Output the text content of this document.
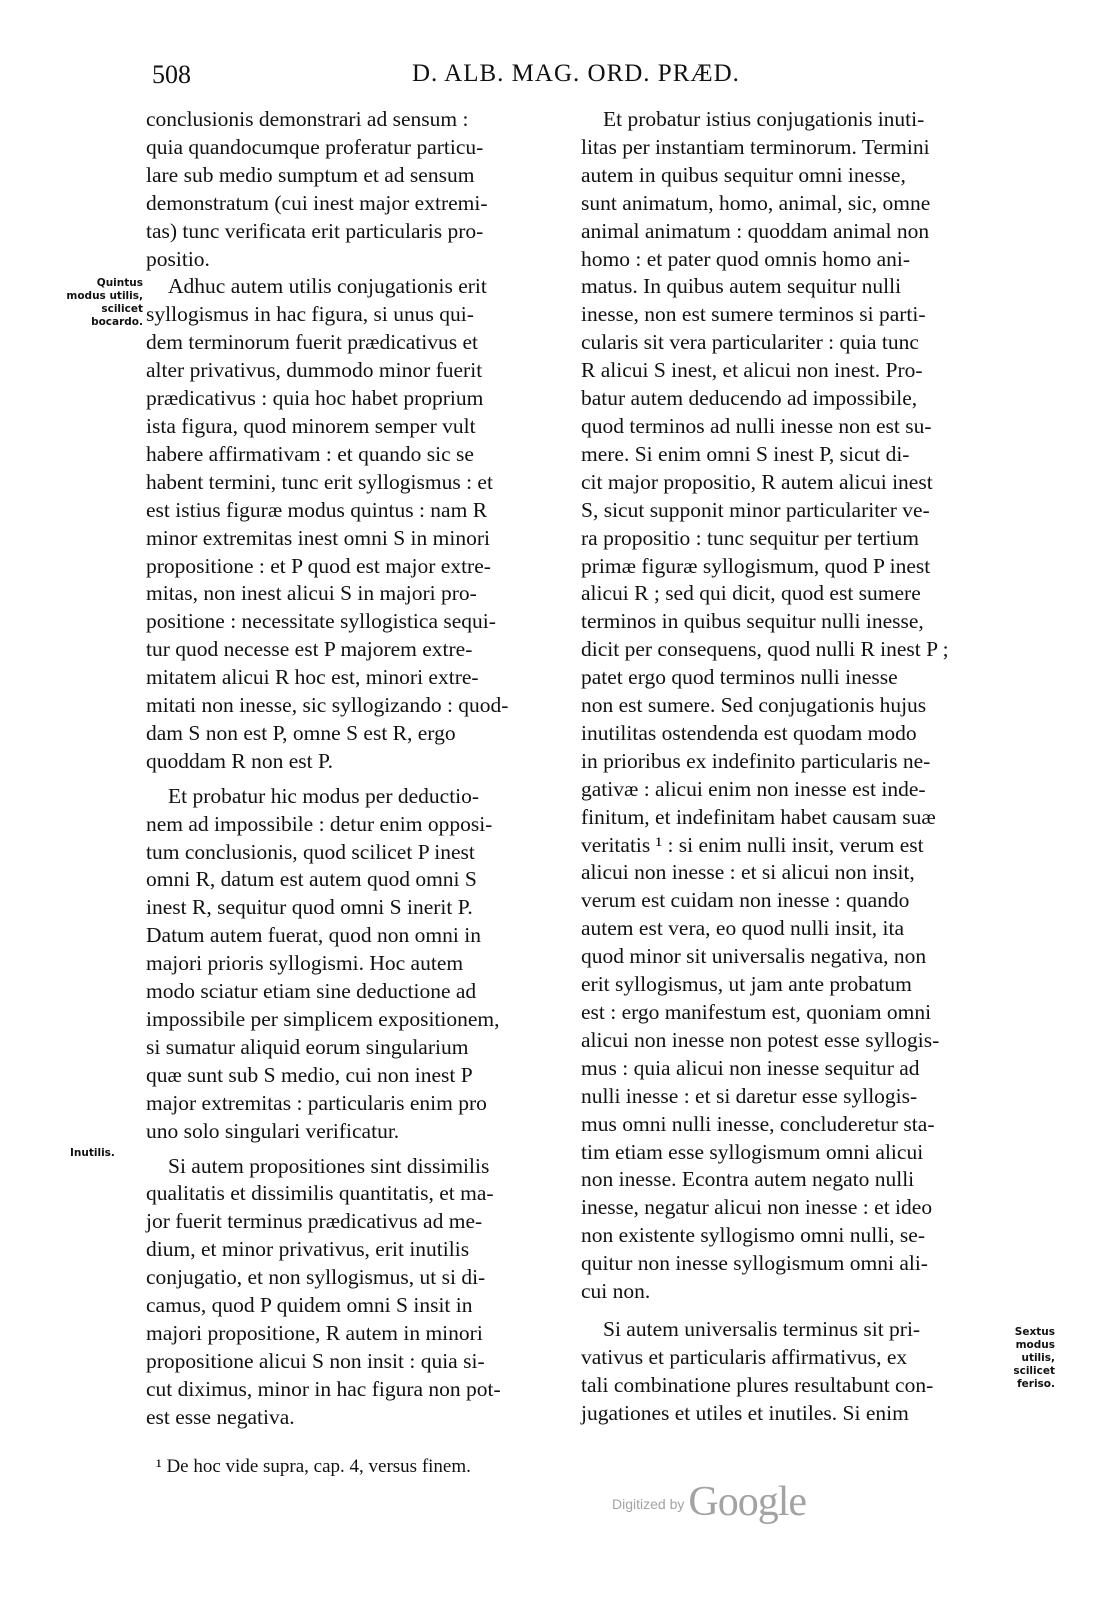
508	D. ALB. MAG. ORD. PRÆD.
Quintus modus utilis, scilicet bocardo.
Inutilis.
Sextus modus utilis, scilicet feriso.

conclusionis demonstrari ad sensum :
quia quandocumque proferatur particu-
lare sub medio sumptum et ad sensum
demonstratum (cui inest major extremi-
tas) tunc verificata erit particularis pro-
positio.

Adhuc autem utilis conjugationis erit
syllogismus in hac figura, si unus qui-
dem terminorum fuerit prædicativus et
alter privativus, dummodo minor fuerit
prædicativus : quia hoc habet proprium
ista figura, quod minorem semper vult
habere affirmativam : et quando sic se
habent termini, tunc erit syllogismus : et
est istius figuræ modus quintus : nam R
minor extremitas inest omni S in minori
propositione : et P quod est major extre-
mitas, non inest alicui S in majori pro-
positione : necessitate syllogistica sequi-
tur quod necesse est P majorem extre-
mitatem alicui R hoc est, minori extre-
mitati non inesse, sic syllogizando : quod-
dam S non est P, omne S est R, ergo
quoddam R non est P.

Et probatur hic modus per deductio-
nem ad impossibile : detur enim opposi-
tum conclusionis, quod scilicet P inest
omni R, datum est autem quod omni S
inest R, sequitur quod omni S inerit P.
Datum autem fuerat, quod non omni in
majori prioris syllogismi. Hoc autem
modo sciatur etiam sine deductione ad
impossibile per simplicem expositionem,
si sumatur aliquid eorum singularium
quæ sunt sub S medio, cui non inest P
major extremitas : particularis enim pro
uno solo singulari verificatur.

Si autem propositiones sint dissimilis
qualitatis et dissimilis quantitatis, et ma-
jor fuerit terminus prædicativus ad me-
dium, et minor privativus, erit inutilis
conjugatio, et non syllogismus, ut si di-
camus, quod P quidem omni S insit in
majori propositione, R autem in minori
propositione alicui S non insit : quia si-
cut diximus, minor in hac figura non pot-
est esse negativa.

Et probatur istius conjugationis inuti-
litas per instantiam terminorum. Termini
autem in quibus sequitur omni inesse,
sunt animatum, homo, animal, sic, omne
animal animatum : quoddam animal non
homo : et pater quod omnis homo ani-
matus. In quibus autem sequitur nulli
inesse, non est sumere terminos si parti-
cularis sit vera particulariter : quia tunc
R alicui S inest, et alicui non inest. Pro-
batur autem deducendo ad impossibile,
quod terminos ad nulli inesse non est su-
mere. Si enim omni S inest P, sicut di-
cit major propositio, R autem alicui inest
S, sicut supponit minor particulariter ve-
ra propositio : tunc sequitur per tertium
primæ figuræ syllogismum, quod P inest
alicui R ; sed qui dicit, quod est sumere
terminos in quibus sequitur nulli inesse,
dicit per consequens, quod nulli R inest P ;
patet ergo quod terminos nulli inesse
non est sumere. Sed conjugationis hujus
inutilitas ostendenda est quodam modo
in prioribus ex indefinito particularis ne-
gativæ : alicui enim non inesse est inde-
finitum, et indefinitam habet causam suæ
veritatis ¹ : si enim nulli insit, verum est
alicui non inesse : et si alicui non insit,
verum est cuidam non inesse : quando
autem est vera, eo quod nulli insit, ita
quod minor sit universalis negativa, non
erit syllogismus, ut jam ante probatum
est : ergo manifestum est, quoniam omni
alicui non inesse non potest esse syllogis-
mus : quia alicui non inesse sequitur ad
nulli inesse : et si daretur esse syllogis-
mus omni nulli inesse, concluderetur sta-
tim etiam esse syllogismum omni alicui
non inesse. Econtra autem negato nulli
inesse, negatur alicui non inesse : et ideo
non existente syllogismo omni nulli, se-
quitur non inesse syllogismum omni ali-
cui non.

Si autem universalis terminus sit pri-
vativus et particularis affirmativus, ex
tali combinatione plures resultabunt con-
jugationes et utiles et inutiles. Si enim

¹ De hoc vide supra, cap. 4, versus finem.
Digitized by Google
